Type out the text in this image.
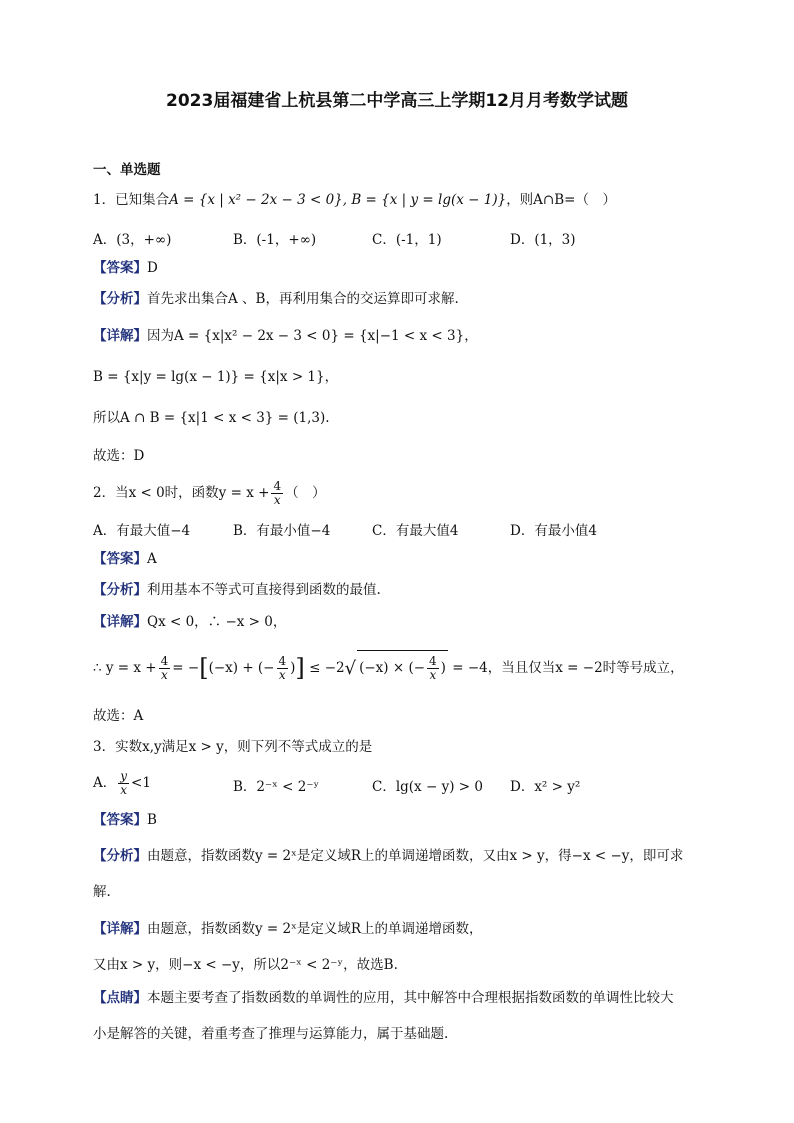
2023届福建省上杭县第二中学高三上学期12月月考数学试题
一、单选题
1．已知集合A = {x | x² − 2x − 3 < 0}, B = {x | y = lg(x − 1)}，则A∩B=（　）
A．(3，+∞)	B．(-1，+∞)	C．(-1，1)	D．(1，3)
【答案】D
【分析】首先求出集合A 、B，再利用集合的交运算即可求解.
【详解】因为A = {x|x² − 2x − 3 < 0} = {x|−1 < x < 3}，
B = {x|y = lg(x − 1)} = {x|x > 1}，
所以A ∩ B = {x|1 < x < 3} = (1,3).
故选：D
2．当x < 0时，函数$y = x + \frac{4}{x}$ （　）
A．有最大值−4	B．有最小值−4	C．有最大值4	D．有最小值4
【答案】A
【分析】利用基本不等式可直接得到函数的最值.
【详解】Qx < 0，∴ −x > 0，
∴ $y = x + \frac{4}{x} = -[(-x)$ + (− $\frac{4}{x}$ )] ≤ −2√ (−x) × (− $\frac{4}{x}$ ) = −4，当且仅当x = −2时等号成立，
故选：A
3．实数x,y满足x > y，则下列不等式成立的是
A． $\frac{y}{x} <1$	B．2⁻ˣ < 2⁻ʸ	C．lg(x − y) > 0 D．x² > y²
【答案】B
【分析】由题意，指数函数y = 2ˣ是定义域R上的单调递增函数，又由x > y，得−x < −y，即可求
解.
【详解】由题意，指数函数y = 2ˣ是定义域R上的单调递增函数，
又由x > y，则−x < −y，所以2⁻ˣ < 2⁻ʸ，故选B.
【点睛】本题主要考查了指数函数的单调性的应用，其中解答中合理根据指数函数的单调性比较大
小是解答的关键，着重考查了推理与运算能力，属于基础题.
